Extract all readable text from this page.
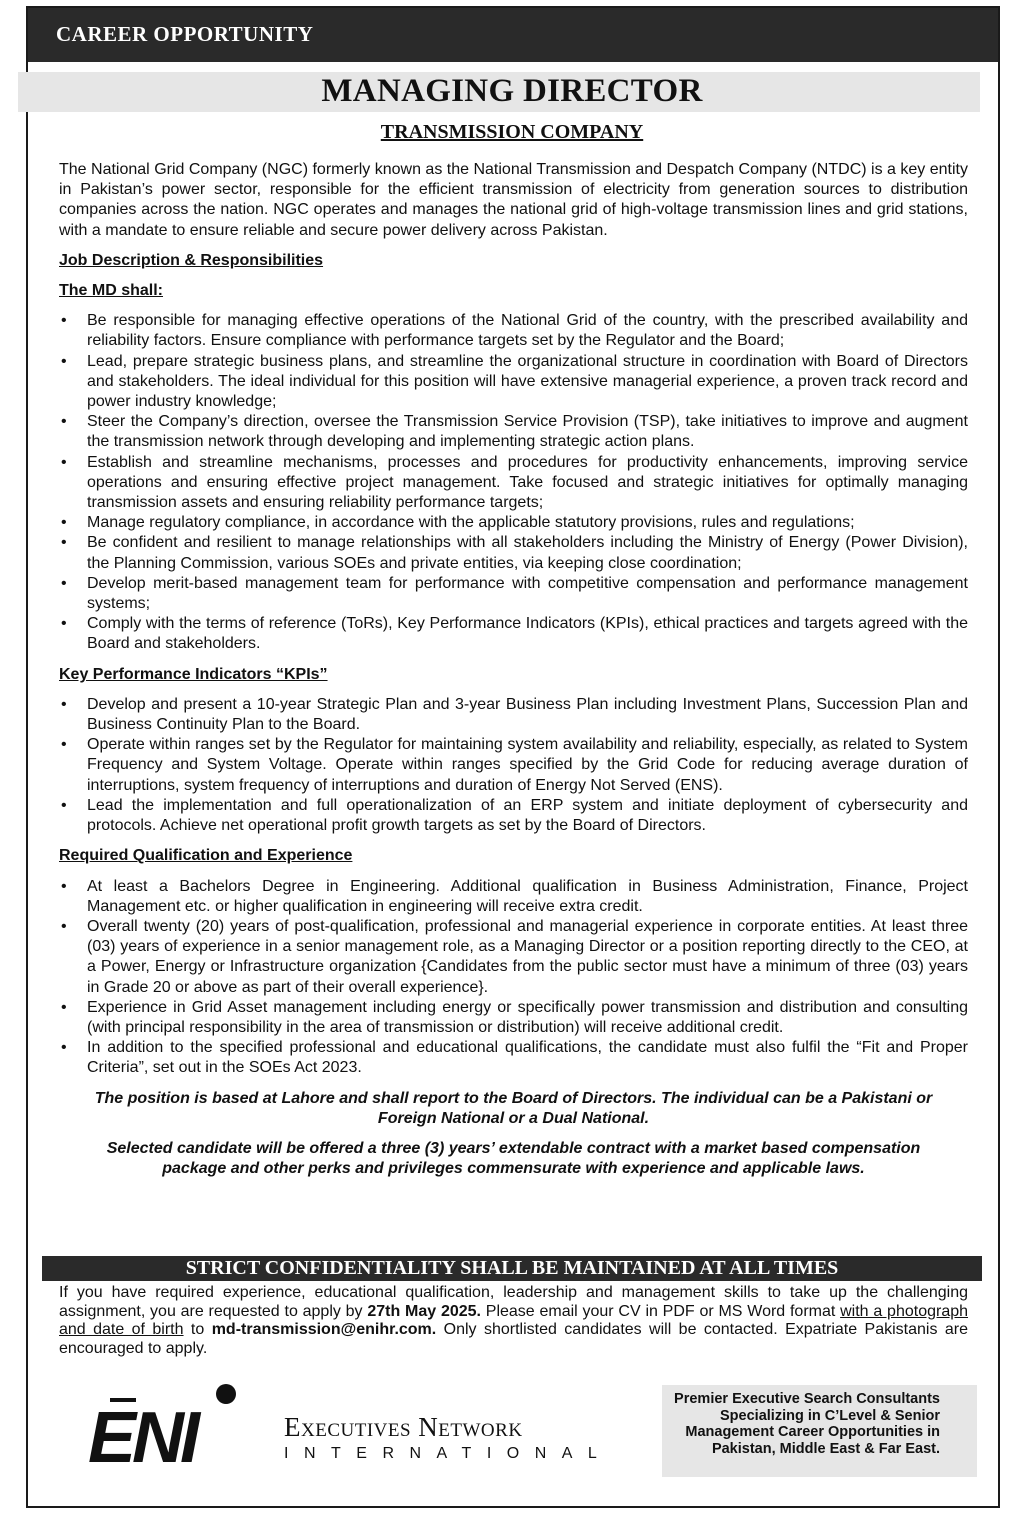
CAREER OPPORTUNITY

MANAGING DIRECTOR
TRANSMISSION COMPANY

The National Grid Company (NGC) formerly known as the National Transmission and Despatch Company (NTDC) is a key entity in Pakistan’s power sector, responsible for the efficient transmission of electricity from generation sources to distribution companies across the nation. NGC operates and manages the national grid of high-voltage transmission lines and grid stations, with a mandate to ensure reliable and secure power delivery across Pakistan.

Job Description & Responsibilities

The MD shall:

• Be responsible for managing effective operations of the National Grid of the country, with the prescribed availability and reliability factors. Ensure compliance with performance targets set by the Regulator and the Board;
• Lead, prepare strategic business plans, and streamline the organizational structure in coordination with Board of Directors and stakeholders. The ideal individual for this position will have extensive managerial experience, a proven track record and power industry knowledge;
• Steer the Company’s direction, oversee the Transmission Service Provision (TSP), take initiatives to improve and augment the transmission network through developing and implementing strategic action plans.
• Establish and streamline mechanisms, processes and procedures for productivity enhancements, improving service operations and ensuring effective project management. Take focused and strategic initiatives for optimally managing transmission assets and ensuring reliability performance targets;
• Manage regulatory compliance, in accordance with the applicable statutory provisions, rules and regulations;
• Be confident and resilient to manage relationships with all stakeholders including the Ministry of Energy (Power Division), the Planning Commission, various SOEs and private entities, via keeping close coordination;
• Develop merit-based management team for performance with competitive compensation and performance management systems;
• Comply with the terms of reference (ToRs), Key Performance Indicators (KPIs), ethical practices and targets agreed with the Board and stakeholders.

Key Performance Indicators “KPIs”

• Develop and present a 10-year Strategic Plan and 3-year Business Plan including Investment Plans, Succession Plan and Business Continuity Plan to the Board.
• Operate within ranges set by the Regulator for maintaining system availability and reliability, especially, as related to System Frequency and System Voltage. Operate within ranges specified by the Grid Code for reducing average duration of interruptions, system frequency of interruptions and duration of Energy Not Served (ENS).
• Lead the implementation and full operationalization of an ERP system and initiate deployment of cybersecurity and protocols. Achieve net operational profit growth targets as set by the Board of Directors.

Required Qualification and Experience

• At least a Bachelors Degree in Engineering. Additional qualification in Business Administration, Finance, Project Management etc. or higher qualification in engineering will receive extra credit.
• Overall twenty (20) years of post-qualification, professional and managerial experience in corporate entities. At least three (03) years of experience in a senior management role, as a Managing Director or a position reporting directly to the CEO, at a Power, Energy or Infrastructure organization {Candidates from the public sector must have a minimum of three (03) years in Grade 20 or above as part of their overall experience}.
• Experience in Grid Asset management including energy or specifically power transmission and distribution and consulting (with principal responsibility in the area of transmission or distribution) will receive additional credit.
• In addition to the specified professional and educational qualifications, the candidate must also fulfil the “Fit and Proper Criteria”, set out in the SOEs Act 2023.

The position is based at Lahore and shall report to the Board of Directors. The individual can be a Pakistani or Foreign National or a Dual National.

Selected candidate will be offered a three (3) years’ extendable contract with a market based compensation package and other perks and privileges commensurate with experience and applicable laws.

STRICT CONFIDENTIALITY SHALL BE MAINTAINED AT ALL TIMES

If you have required experience, educational qualification, leadership and management skills to take up the challenging assignment, you are requested to apply by 27th May 2025. Please email your CV in PDF or MS Word format with a photograph and date of birth to md-transmission@enihr.com. Only shortlisted candidates will be contacted. Expatriate Pakistanis are encouraged to apply.

ENI	Executives Network

INTERNATIONAL

Premier Executive Search Consultants Specializing in C’Level & Senior Management Career Opportunities in Pakistan, Middle East & Far East.
